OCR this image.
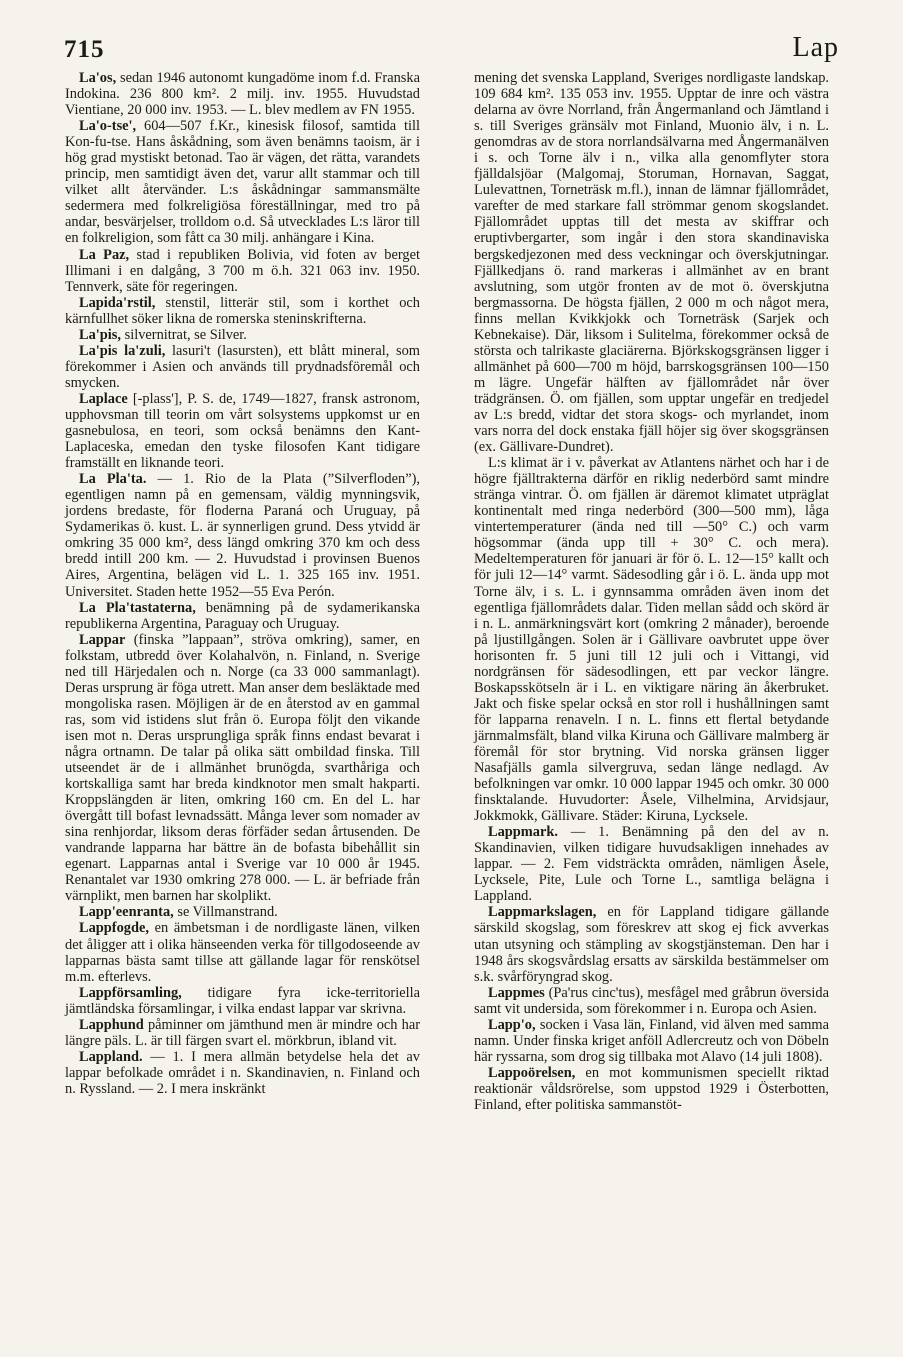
715	Lap

La'os, sedan 1946 autonomt kungadöme inom f.d. Franska Indokina. 236 800 km². 2 milj. inv. 1955. Huvudstad Vientiane, 20 000 inv. 1953. — L. blev medlem av FN 1955.

La'o-tse', 604—507 f.Kr., kinesisk filosof, samtida till Kon-fu-tse. Hans åskådning, som även benämns taoism, är i hög grad mystiskt betonad. Tao är vägen, det rätta, varandets princip, men samtidigt även det, varur allt stammar och till vilket allt återvänder. L:s åskådningar sammansmälte sedermera med folkreligiösa föreställningar, med tro på andar, besvärjelser, trolldom o.d. Så utvecklades L:s läror till en folkreligion, som fått ca 30 milj. anhängare i Kina.

La Paz, stad i republiken Bolivia, vid foten av berget Illimani i en dalgång, 3 700 m ö.h. 321 063 inv. 1950. Tennverk, säte för regeringen.

Lapida'rstil, stenstil, litterär stil, som i korthet och kärnfullhet söker likna de romerska steninskrifterna.

La'pis, silvernitrat, se Silver.

La'pis la'zuli, lasuri't (lasursten), ett blått mineral, som förekommer i Asien och används till prydnadsföremål och smycken.

Laplace [-plass'], P. S. de, 1749—1827, fransk astronom, upphovsman till teorin om vårt solsystems uppkomst ur en gasnebulosa, en teori, som också benämns den Kant-Laplaceska, emedan den tyske filosofen Kant tidigare framställt en liknande teori.

La Pla'ta. — 1. Rio de la Plata (”Silverfloden”), egentligen namn på en gemensam, väldig mynningsvik, jordens bredaste, för floderna Paraná och Uruguay, på Sydamerikas ö. kust. L. är synnerligen grund. Dess ytvidd är omkring 35 000 km², dess längd omkring 370 km och dess bredd intill 200 km. — 2. Huvudstad i provinsen Buenos Aires, Argentina, belägen vid L. 1. 325 165 inv. 1951. Universitet. Staden hette 1952—55 Eva Perón.

La Pla'tastaterna, benämning på de sydamerikanska republikerna Argentina, Paraguay och Uruguay.

Lappar (finska ”lappaan”, ströva omkring), samer, en folkstam, utbredd över Kolahalvön, n. Finland, n. Sverige ned till Härjedalen och n. Norge (ca 33 000 sammanlagt). Deras ursprung är föga utrett. Man anser dem besläktade med mongoliska rasen. Möjligen är de en återstod av en gammal ras, som vid istidens slut från ö. Europa följt den vikande isen mot n. Deras ursprungliga språk finns endast bevarat i några ortnamn. De talar på olika sätt ombildad finska. Till utseendet är de i allmänhet brunögda, svarthåriga och kortskalliga samt har breda kindknotor men smalt hakparti. Kroppslängden är liten, omkring 160 cm. En del L. har övergått till bofast levnadssätt. Många lever som nomader av sina renhjordar, liksom deras förfäder sedan årtusenden. De vandrande lapparna har bättre än de bofasta bibehållit sin egenart. Lapparnas antal i Sverige var 10 000 år 1945. Renantalet var 1930 omkring 278 000. — L. är befriade från värnplikt, men barnen har skolplikt.

Lapp'eenranta, se Villmanstrand.

Lappfogde, en ämbetsman i de nordligaste länen, vilken det åligger att i olika hänseenden verka för tillgodoseende av lapparnas bästa samt tillse att gällande lagar för renskötsel m.m. efterlevs.

Lappförsamling, tidigare fyra icke-territoriella jämtländska församlingar, i vilka endast lappar var skrivna.

Lapphund påminner om jämthund men är mindre och har längre päls. L. är till färgen svart el. mörkbrun, ibland vit.

Lappland. — 1. I mera allmän betydelse hela det av lappar befolkade området i n. Skandinavien, n. Finland och n. Ryssland. — 2. I mera inskränkt

mening det svenska Lappland, Sveriges nordligaste landskap. 109 684 km². 135 053 inv. 1955. Upptar de inre och västra delarna av övre Norrland, från Ångermanland och Jämtland i s. till Sveriges gränsälv mot Finland, Muonio älv, i n. L. genomdras av de stora norrlandsälvarna med Ångermanälven i s. och Torne älv i n., vilka alla genomflyter stora fjälldalsjöar (Malgomaj, Storuman, Hornavan, Saggat, Lulevattnen, Torneträsk m.fl.), innan de lämnar fjällområdet, varefter de med starkare fall strömmar genom skogslandet. Fjällområdet upptas till det mesta av skiffrar och eruptivbergarter, som ingår i den stora skandinaviska bergskedjezonen med dess veckningar och överskjutningar. Fjällkedjans ö. rand markeras i allmänhet av en brant avslutning, som utgör fronten av de mot ö. överskjutna bergmassorna. De högsta fjällen, 2 000 m och något mera, finns mellan Kvikkjokk och Torneträsk (Sarjek och Kebnekaise). Där, liksom i Sulitelma, förekommer också de största och talrikaste glaciärerna. Björkskogsgränsen ligger i allmänhet på 600—700 m höjd, barrskogsgränsen 100—150 m lägre. Ungefär hälften av fjällområdet når över trädgränsen. Ö. om fjällen, som upptar ungefär en tredjedel av L:s bredd, vidtar det stora skogs- och myrlandet, inom vars norra del dock enstaka fjäll höjer sig över skogsgränsen (ex. Gällivare-Dundret).

L:s klimat är i v. påverkat av Atlantens närhet och har i de högre fjälltrakterna därför en riklig nederbörd samt mindre stränga vintrar. Ö. om fjällen är däremot klimatet utpräglat kontinentalt med ringa nederbörd (300—500 mm), låga vintertemperaturer (ända ned till —50° C.) och varm högsommar (ända upp till + 30° C. och mera). Medeltemperaturen för januari är för ö. L. 12—15° kallt och för juli 12—14° varmt. Sädesodling går i ö. L. ända upp mot Torne älv, i s. L. i gynnsamma områden även inom det egentliga fjällområdets dalar. Tiden mellan sådd och skörd är i n. L. anmärkningsvärt kort (omkring 2 månader), beroende på ljustillgången. Solen är i Gällivare oavbrutet uppe över horisonten fr. 5 juni till 12 juli och i Vittangi, vid nordgränsen för sädesodlingen, ett par veckor längre. Boskapsskötseln är i L. en viktigare näring än åkerbruket. Jakt och fiske spelar också en stor roll i hushållningen samt för lapparna renaveln. I n. L. finns ett flertal betydande järnmalmsfält, bland vilka Kiruna och Gällivare malmberg är föremål för stor brytning. Vid norska gränsen ligger Nasafjälls gamla silvergruva, sedan länge nedlagd. Av befolkningen var omkr. 10 000 lappar 1945 och omkr. 30 000 finsktalande. Huvudorter: Åsele, Vilhelmina, Arvidsjaur, Jokkmokk, Gällivare. Städer: Kiruna, Lycksele.

Lappmark. — 1. Benämning på den del av n. Skandinavien, vilken tidigare huvudsakligen innehades av lappar. — 2. Fem vidsträckta områden, nämligen Åsele, Lycksele, Pite, Lule och Torne L., samtliga belägna i Lappland.

Lappmarkslagen, en för Lappland tidigare gällande särskild skogslag, som föreskrev att skog ej fick avverkas utan utsyning och stämpling av skogstjänsteman. Den har i 1948 års skogsvårdslag ersatts av särskilda bestämmelser om s.k. svårföryngrad skog.

Lappmes (Pa'rus cinc'tus), mesfågel med gråbrun översida samt vit undersida, som förekommer i n. Europa och Asien.

Lapp'o, socken i Vasa län, Finland, vid älven med samma namn. Under finska kriget anföll Adlercreutz och von Döbeln här ryssarna, som drog sig tillbaka mot Alavo (14 juli 1808).

Lappoörelsen, en mot kommunismen speciellt riktad reaktionär våldsrörelse, som uppstod 1929 i Österbotten, Finland, efter politiska sammanstöt-
